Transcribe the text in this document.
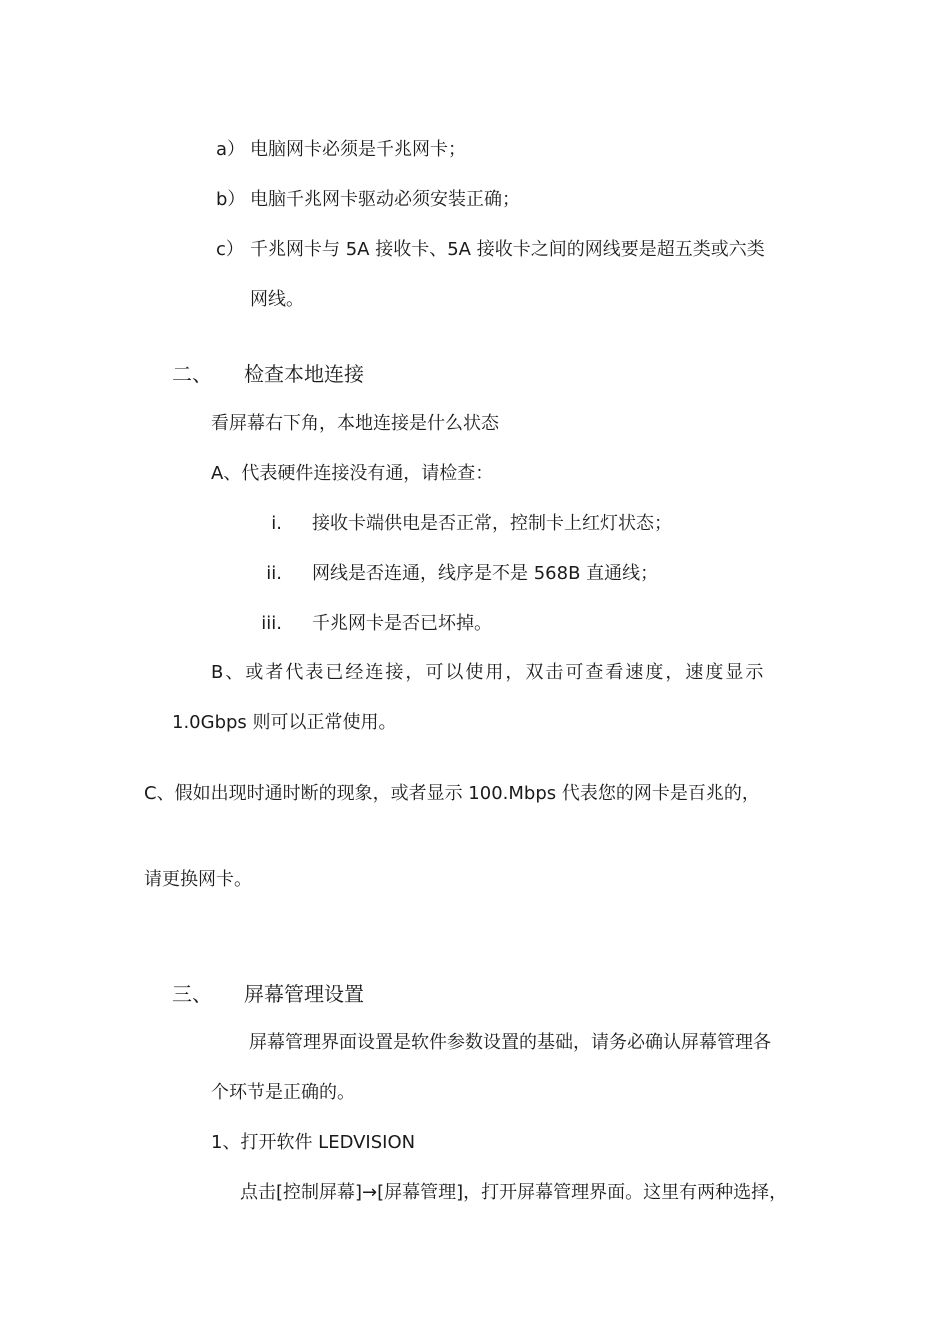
a） 电脑网卡必须是千兆网卡；
b） 电脑千兆网卡驱动必须安装正确；
c） 千兆网卡与 5A 接收卡、5A 接收卡之间的网线要是超五类或六类
网线。
二、 检查本地连接
看屏幕右下角，本地连接是什么状态
A、代表硬件连接没有通，请检查：
i. 接收卡端供电是否正常，控制卡上红灯状态；
ii. 网线是否连通，线序是不是 568B 直通线；
iii. 千兆网卡是否已坏掉。
B、或者代表已经连接，可以使用，双击可查看速度，速度显示
1.0Gbps 则可以正常使用。
C、假如出现时通时断的现象，或者显示 100.Mbps 代表您的网卡是百兆的，
请更换网卡。
三、 屏幕管理设置
屏幕管理界面设置是软件参数设置的基础，请务必确认屏幕管理各
个环节是正确的。
1、打开软件 LEDVISION
点击[控制屏幕]→[屏幕管理]，打开屏幕管理界面。这里有两种选择，
